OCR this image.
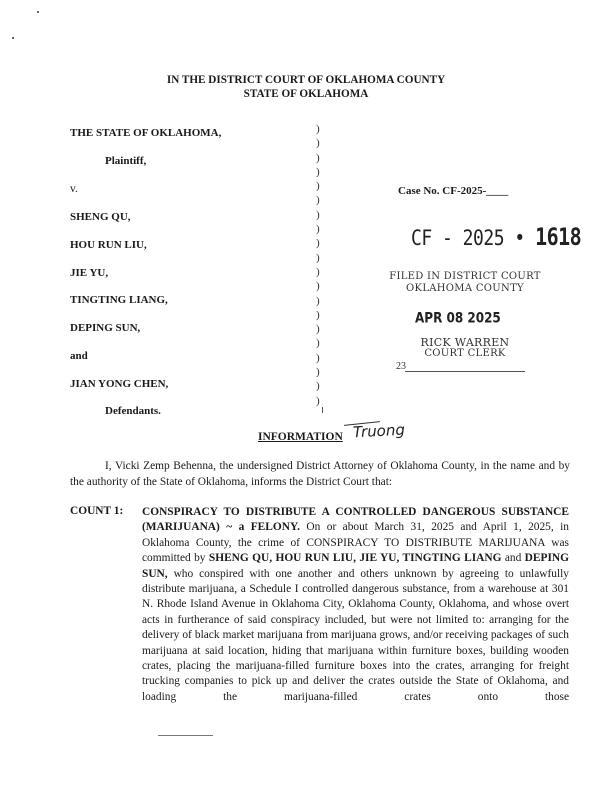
IN THE DISTRICT COURT OF OKLAHOMA COUNTY
STATE OF OKLAHOMA
THE STATE OF OKLAHOMA,
Plaintiff,
v.
SHENG QU,
HOU RUN LIU,
JIE YU,
TINGTING LIANG,
DEPING SUN,
and
JIAN YONG CHEN,
Defendants.
)
)
)
)
)
)
)
)
)
)
)
)
)
)
)
)
)
)
)
)
Case No. CF-2025-____
CF - 2025 • 1618
FILED IN DISTRICT COURT
OKLAHOMA COUNTY
APR 08 2025
RICK WARREN
COURT CLERK
23
INFORMATION Truong
I, Vicki Zemp Behenna, the undersigned District Attorney of Oklahoma County, in the name and by the authority of the State of Oklahoma, informs the District Court that:
COUNT 1: CONSPIRACY TO DISTRIBUTE A CONTROLLED DANGEROUS SUBSTANCE (MARIJUANA) ~ a FELONY. On or about March 31, 2025 and April 1, 2025, in Oklahoma County, the crime of CONSPIRACY TO DISTRIBUTE MARIJUANA was committed by SHENG QU, HOU RUN LIU, JIE YU, TINGTING LIANG and DEPING SUN, who conspired with one another and others unknown by agreeing to unlawfully distribute marijuana, a Schedule I controlled dangerous substance, from a warehouse at 301 N. Rhode Island Avenue in Oklahoma City, Oklahoma County, Oklahoma, and whose overt acts in furtherance of said conspiracy included, but were not limited to: arranging for the delivery of black market marijuana from marijuana grows, and/or receiving packages of such marijuana at said location, hiding that marijuana within furniture boxes, building wooden crates, placing the marijuana-filled furniture boxes into the crates, arranging for freight trucking companies to pick up and deliver the crates outside the State of Oklahoma, and loading the marijuana-filled crates onto those
